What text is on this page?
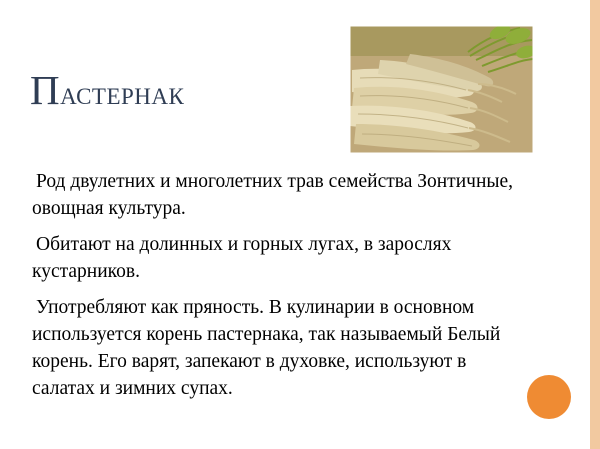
Пастернак

Род двулетних и многолетних трав семейства Зонтичные, овощная культура.

Обитают на долинных и горных лугах, в зарослях кустарников.

Употребляют как пряность. В кулинарии в основном используется корень пастернака, так называемый Белый корень. Его варят, запекают в духовке, используют в салатах и зимних супах.
